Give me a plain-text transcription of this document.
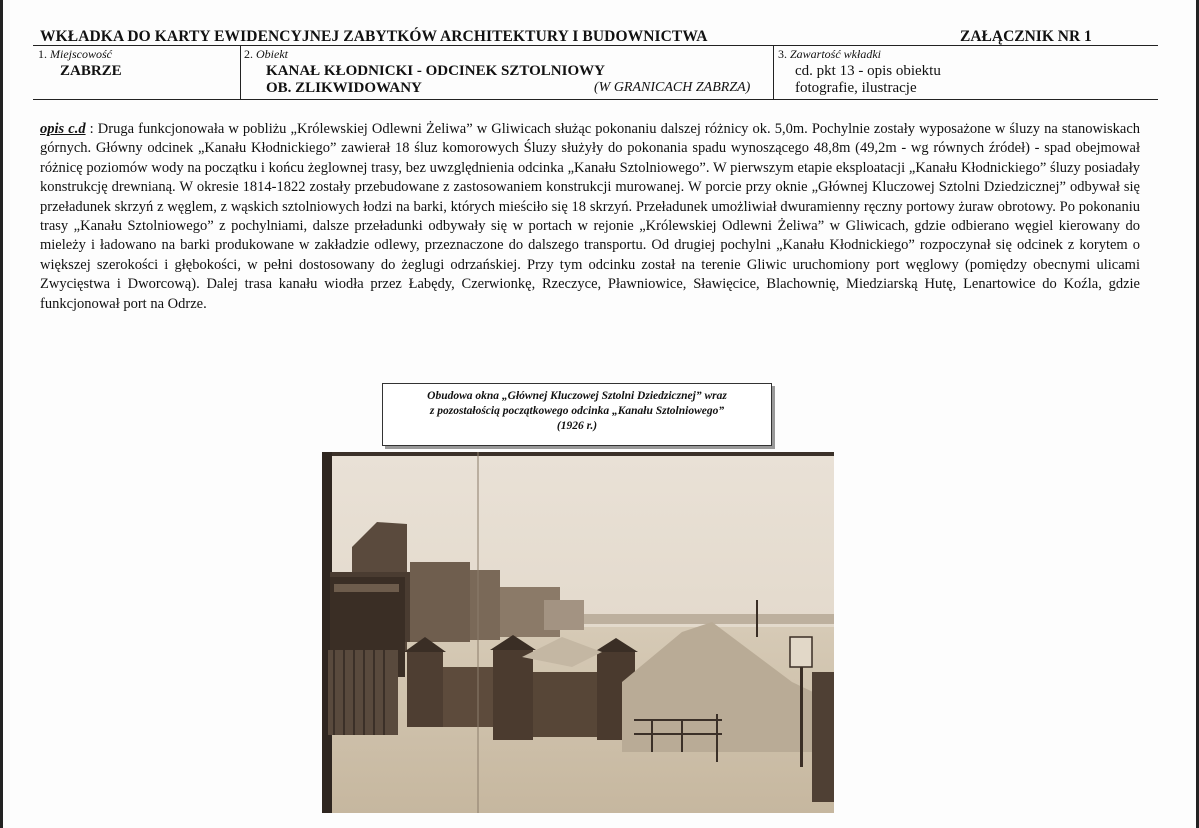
WKŁADKA DO KARTY EWIDENCYJNEJ ZABYTKÓW ARCHITEKTURY I BUDOWNICTWA	ZAŁĄCZNIK NR 1
1. Miejscowość
ZABRZE
2. Obiekt
KANAŁ KŁODNICKI - ODCINEK SZTOLNIOWY
OB. ZLIKWIDOWANY	(W GRANICACH ZABRZA)
3. Zawartość wkładki
cd. pkt 13 - opis obiektu
fotografie, ilustracje
opis c.d : Druga funkcjonowała w pobliżu „Królewskiej Odlewni Żeliwa” w Gliwicach służąc pokonaniu dalszej różnicy ok. 5,0m. Pochylnie zostały wyposażone w śluzy na stanowiskach górnych. Główny odcinek „Kanału Kłodnickiego” zawierał 18 śluz komorowych Śluzy służyły do pokonania spadu wynoszącego 48,8m (49,2m - wg równych źródeł) - spad obejmował różnicę poziomów wody na początku i końcu żeglownej trasy, bez uwzględnienia odcinka „Kanału Sztolniowego”. W pierwszym etapie eksploatacji „Kanału Kłodnickiego” śluzy posiadały konstrukcję drewnianą. W okresie 1814-1822 zostały przebudowane z zastosowaniem konstrukcji murowanej. W porcie przy oknie „Głównej Kluczowej Sztolni Dziedzicznej” odbywał się przeładunek skrzyń z węglem, z wąskich sztolniowych łodzi na barki, których mieściło się 18 skrzyń. Przeładunek umożliwiał dwuramienny ręczny portowy żuraw obrotowy. Po pokonaniu trasy „Kanału Sztolniowego” z pochylniami, dalsze przeładunki odbywały się w portach w rejonie „Królewskiej Odlewni Żeliwa” w Gliwicach, gdzie odbierano węgiel kierowany do mieleży i ładowano na barki produkowane w zakładzie odlewy, przeznaczone do dalszego transportu. Od drugiej pochylni „Kanału Kłodnickiego” rozpoczynał się odcinek z korytem o większej szerokości i głębokości, w pełni dostosowany do żeglugi odrzańskiej. Przy tym odcinku został na terenie Gliwic uruchomiony port węglowy (pomiędzy obecnymi ulicami Zwycięstwa i Dworcową). Dalej trasa kanału wiodła przez Łabędy, Czerwionkę, Rzeczyce, Pławniowice, Sławięcice, Blachownię, Miedziarską Hutę, Lenartowice do Koźla, gdzie funkcjonował port na Odrze.
Obudowa okna „Głównej Kluczowej Sztolni Dziedzicznej” wraz
z pozostałością początkowego odcinka „Kanału Sztolniowego”
(1926 r.)
